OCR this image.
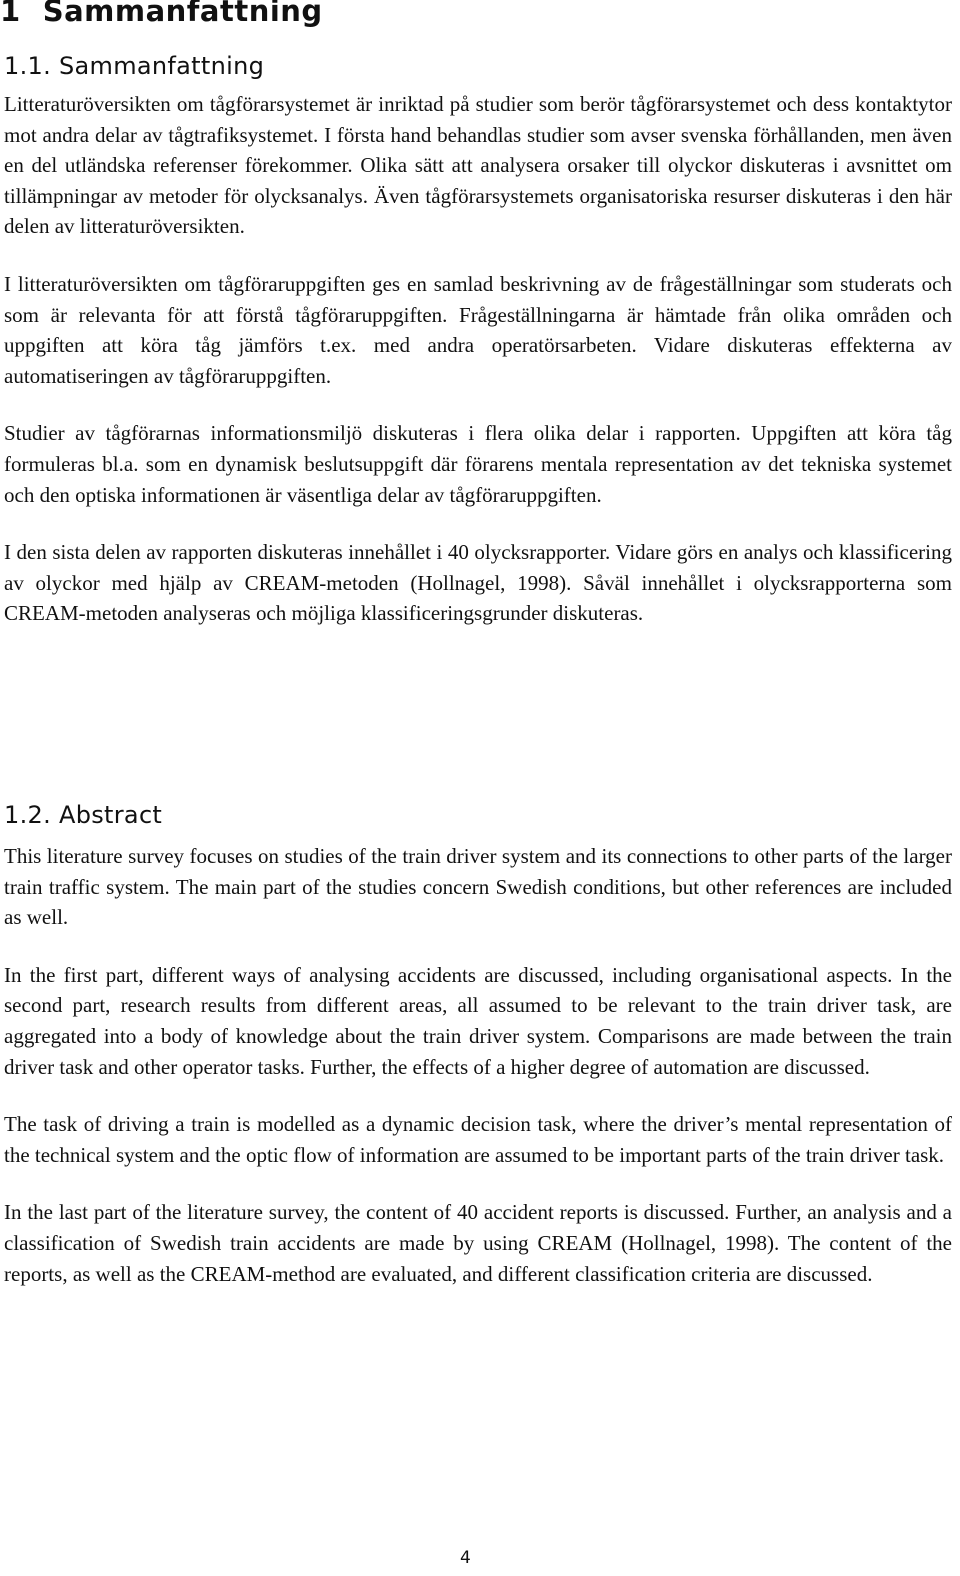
1 Sammanfattning
1.1. Sammanfattning

Litteraturöversikten om tågförarsystemet är inriktad på studier som berör tågförarsystemet och dess kontaktytor mot andra delar av tågtrafiksystemet. I första hand behandlas studier som avser svenska förhållanden, men även en del utländska referenser förekommer. Olika sätt att analysera orsaker till olyckor diskuteras i avsnittet om tillämpningar av metoder för olycksanalys. Även tågförarsystemets organisatoriska resurser diskuteras i den här delen av litteraturöversikten.

I litteraturöversikten om tågföraruppgiften ges en samlad beskrivning av de frågeställningar som studerats och som är relevanta för att förstå tågföraruppgiften. Frågeställningarna är hämtade från olika områden och uppgiften att köra tåg jämförs t.ex. med andra operatörsarbeten. Vidare diskuteras effekterna av automatiseringen av tågföraruppgiften.

Studier av tågförarnas informationsmiljö diskuteras i flera olika delar i rapporten. Uppgiften att köra tåg formuleras bl.a. som en dynamisk beslutsuppgift där förarens mentala representation av det tekniska systemet och den optiska informationen är väsentliga delar av tågföraruppgiften.

I den sista delen av rapporten diskuteras innehållet i 40 olycksrapporter. Vidare görs en analys och klassificering av olyckor med hjälp av CREAM-metoden (Hollnagel, 1998). Såväl innehållet i olycksrapporterna som CREAM-metoden analyseras och möjliga klassificeringsgrunder diskuteras.

1.2. Abstract

This literature survey focuses on studies of the train driver system and its connections to other parts of the larger train traffic system. The main part of the studies concern Swedish conditions, but other references are included as well.

In the first part, different ways of analysing accidents are discussed, including organisational aspects. In the second part, research results from different areas, all assumed to be relevant to the train driver task, are aggregated into a body of knowledge about the train driver system. Comparisons are made between the train driver task and other operator tasks. Further, the effects of a higher degree of automation are discussed.

The task of driving a train is modelled as a dynamic decision task, where the driver’s mental representation of the technical system and the optic flow of information are assumed to be important parts of the train driver task.

In the last part of the literature survey, the content of 40 accident reports is discussed. Further, an analysis and a classification of Swedish train accidents are made by using CREAM (Hollnagel, 1998). The content of the reports, as well as the CREAM-method are evaluated, and different classification criteria are discussed.

4
